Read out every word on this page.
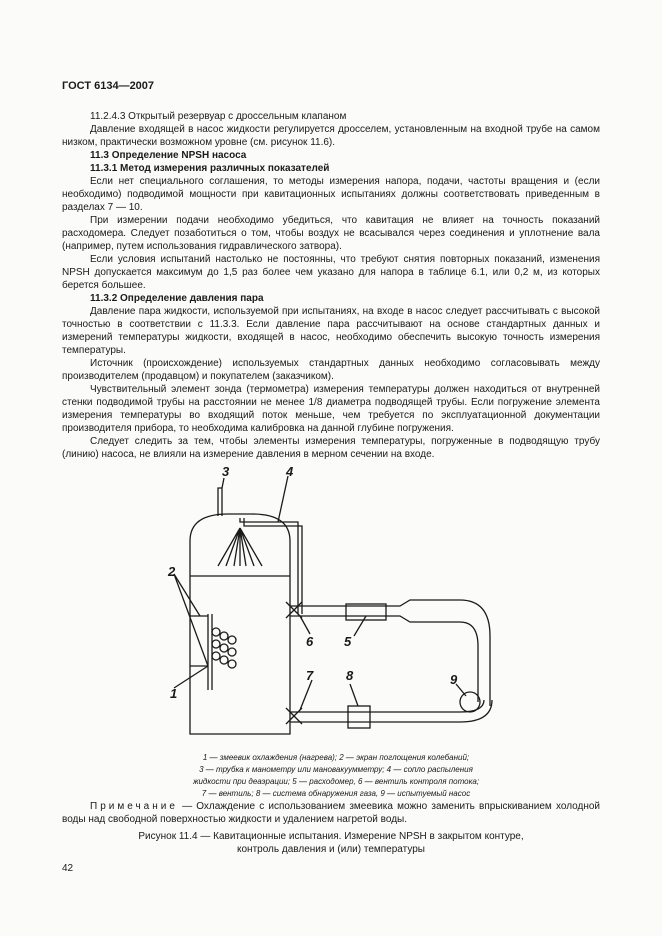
ГОСТ 6134—2007

11.2.4.3 Открытый резервуар с дроссельным клапаном

Давление входящей в насос жидкости регулируется дросселем, установленным на входной трубе на самом низком, практически возможном уровне (см. рисунок 11.6).

11.3 Определение NPSH насоса

11.3.1 Метод измерения различных показателей

Если нет специального соглашения, то методы измерения напора, подачи, частоты вращения и (если необходимо) подводимой мощности при кавитационных испытаниях должны соответствовать приведенным в разделах 7 — 10.

При измерении подачи необходимо убедиться, что кавитация не влияет на точность показаний расходомера. Следует позаботиться о том, чтобы воздух не всасывался через соединения и уплотнение вала (например, путем использования гидравлического затвора).

Если условия испытаний настолько не постоянны, что требуют снятия повторных показаний, изменения NPSH допускается максимум до 1,5 раз более чем указано для напора в таблице 6.1, или 0,2 м, из которых берется большее.

11.3.2 Определение давления пара

Давление пара жидкости, используемой при испытаниях, на входе в насос следует рассчитывать с высокой точностью в соответствии с 11.3.3. Если давление пара рассчитывают на основе стандартных данных и измерений температуры жидкости, входящей в насос, необходимо обеспечить высокую точность измерения температуры.

Источник (происхождение) используемых стандартных данных необходимо согласовывать между производителем (продавцом) и покупателем (заказчиком).

Чувствительный элемент зонда (термометра) измерения температуры должен находиться от внутренней стенки подводимой трубы на расстоянии не менее 1/8 диаметра подводящей трубы. Если погружение элемента измерения температуры во входящий поток меньше, чем требуется по эксплуатационной документации производителя прибора, то необходима калибровка на данной глубине погружения.

Следует следить за тем, чтобы элементы измерения температуры, погруженные в подводящую трубу (линию) насоса, не влияли на измерение давления в мерном сечении на входе.

3	4
2
6 5
1
7	8	9
1 — змеевик охлаждения (нагрева); 2 — экран поглощения колебаний;
3 — трубка к манометру или мановакуумметру; 4 — сопло распыления
жидкости при деаэрации; 5 — расходомер, 6 — вентиль контроля потока;
7 — вентиль; 8 — система обнаружения газа, 9 — испытуемый насос
Примечание — Охлаждение с использованием змеевика можно заменить впрыскиванием холодной воды над свободной поверхностью жидкости и удалением нагретой воды.
Рисунок 11.4 — Кавитационные испытания. Измерение NPSH в закрытом контуре,
контроль давления и (или) температуры
42
